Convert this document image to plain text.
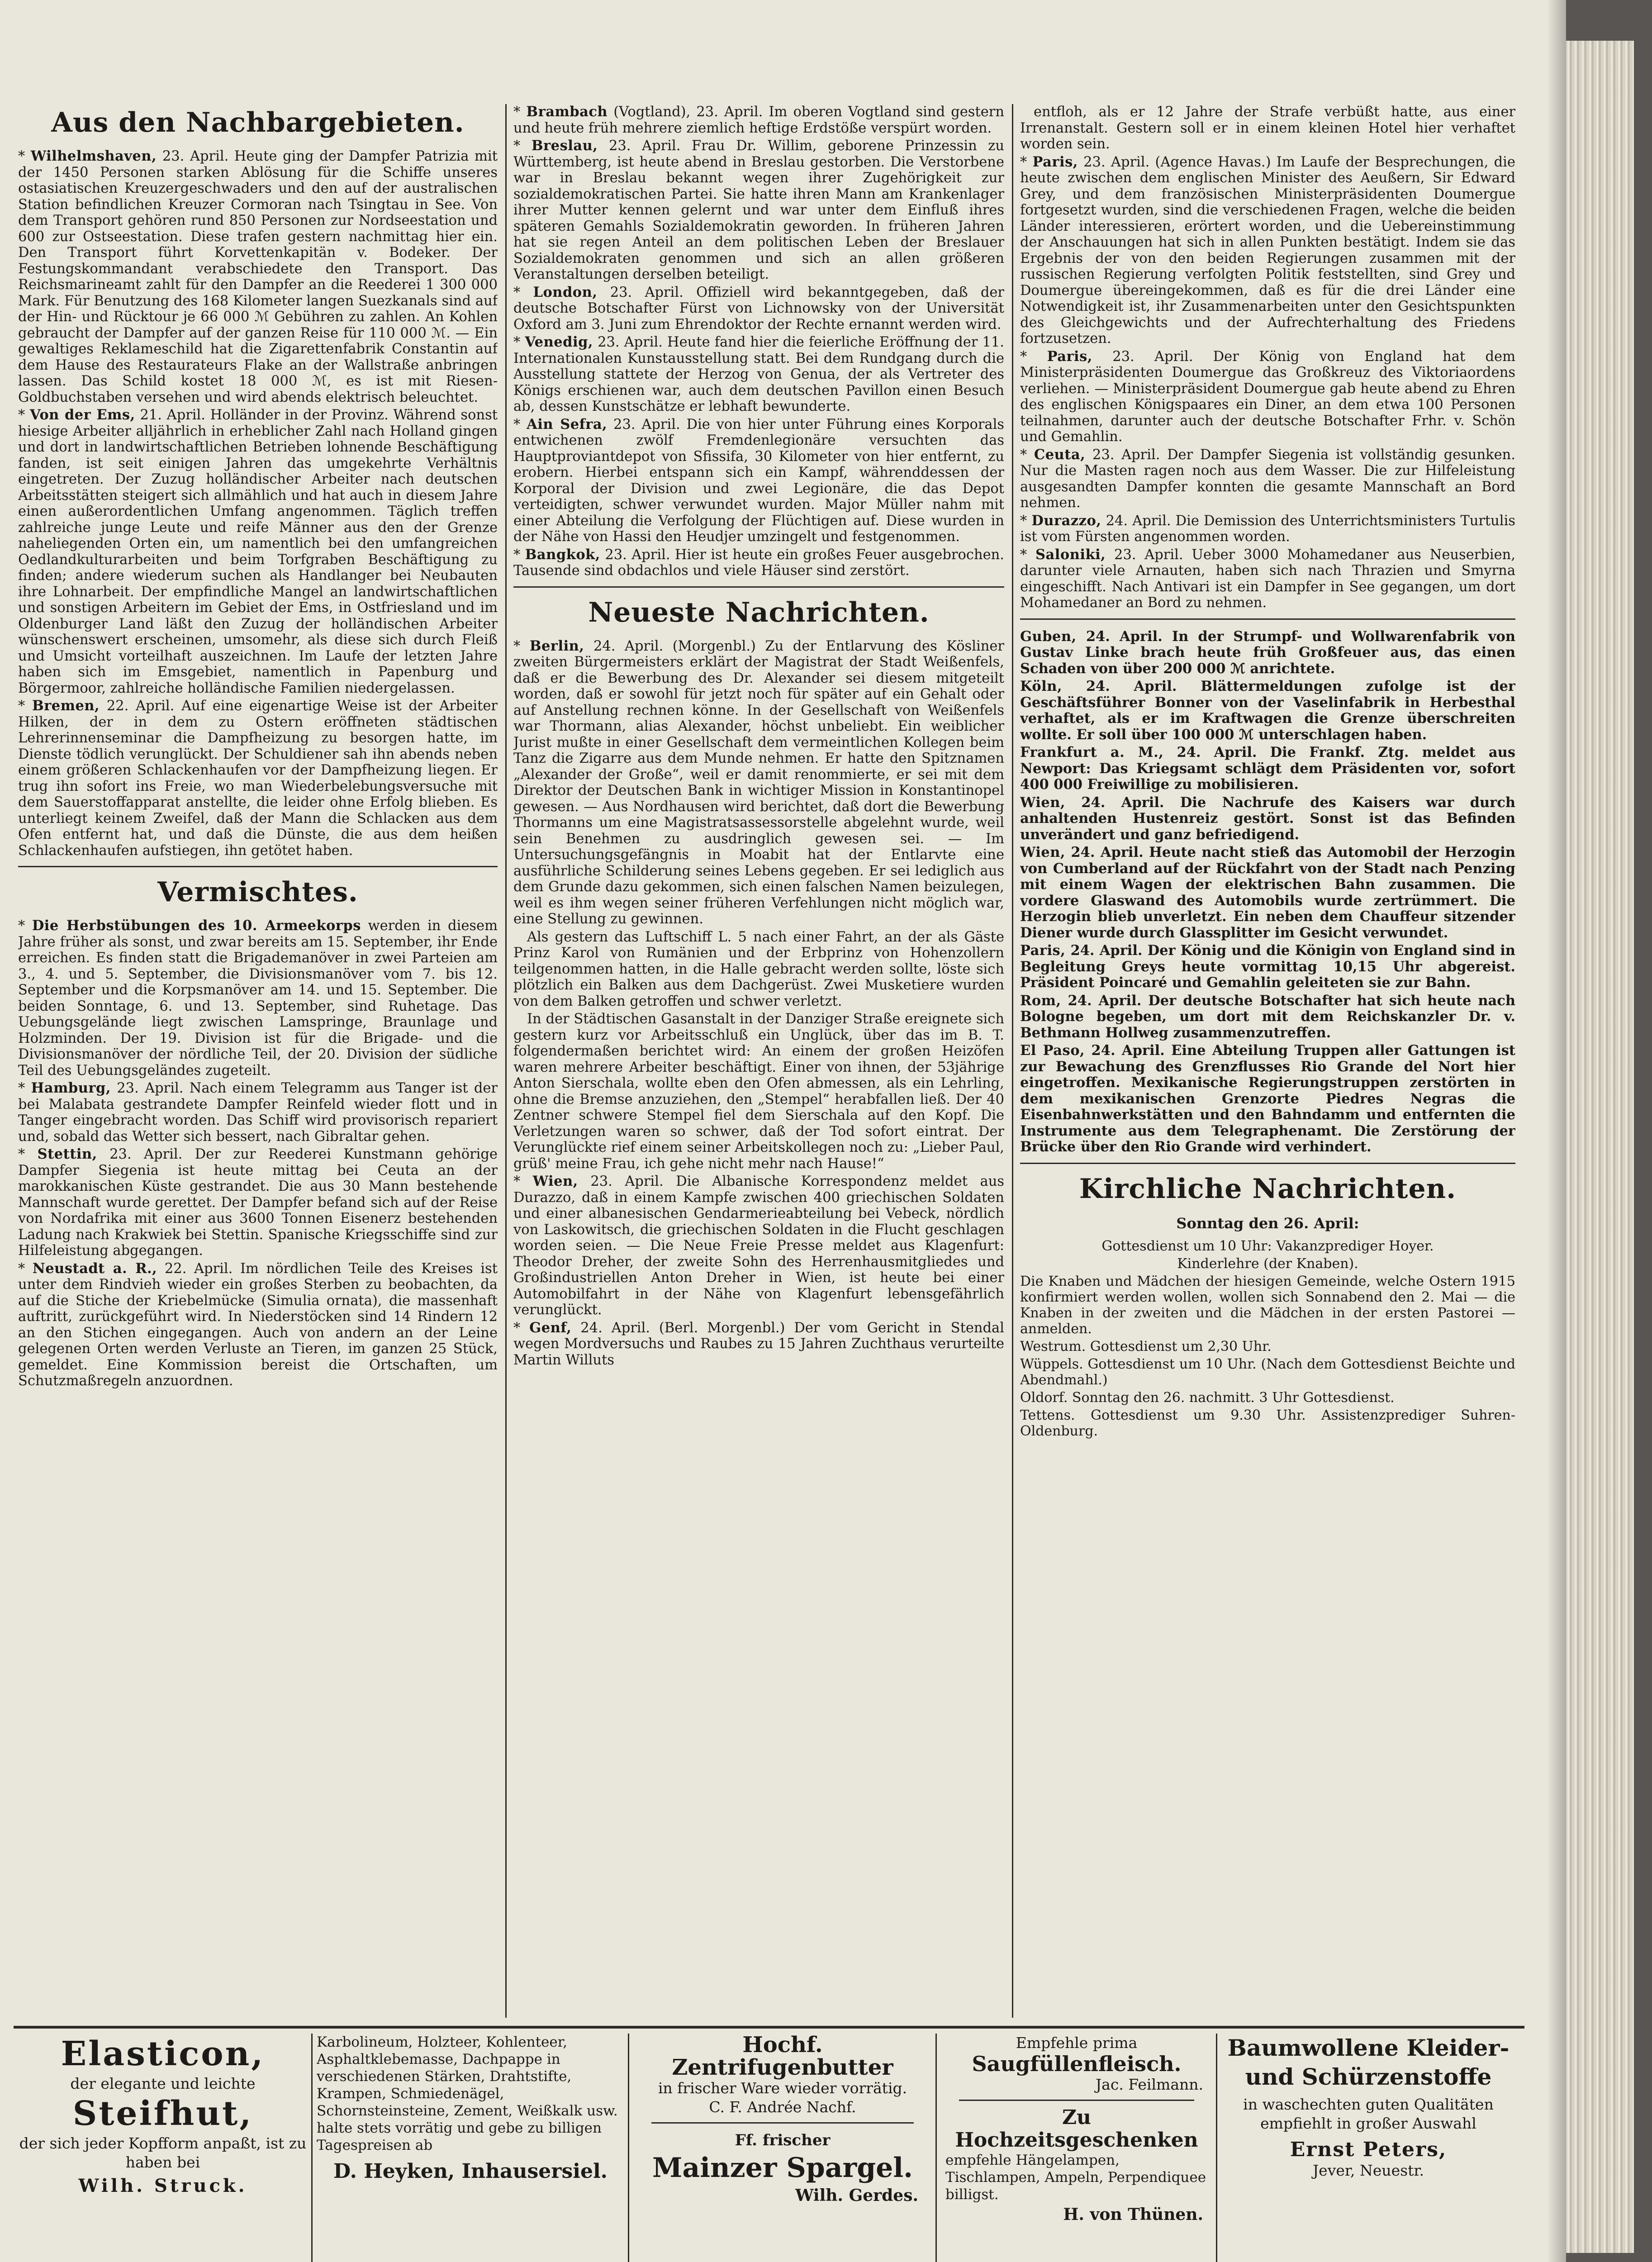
Aus den Nachbargebieten.

* Wilhelmshaven, 23. April. Heute ging der Dampfer Patrizia mit der 1450 Personen starken Ablösung für die Schiffe unseres ostasiatischen Kreuzergeschwaders und den auf der australischen Station befindlichen Kreuzer Cormoran nach Tsingtau in See. Von dem Transport gehören rund 850 Personen zur Nordseestation und 600 zur Ostseestation. Diese trafen gestern nachmittag hier ein. Den Transport führt Korvettenkapitän v. Bodeker. Der Festungskommandant verabschiedete den Transport. Das Reichsmarineamt zahlt für den Dampfer an die Reederei 1 300 000 Mark. Für Benutzung des 168 Kilometer langen Suezkanals sind auf der Hin- und Rücktour je 66 000 ℳ Gebühren zu zahlen. An Kohlen gebraucht der Dampfer auf der ganzen Reise für 110 000 ℳ. — Ein gewaltiges Reklameschild hat die Zigarettenfabrik Constantin auf dem Hause des Restaurateurs Flake an der Wallstraße anbringen lassen. Das Schild kostet 18 000 ℳ, es ist mit Riesen-Goldbuchstaben versehen und wird abends elektrisch beleuchtet.

* Von der Ems, 21. April. Holländer in der Provinz. Während sonst hiesige Arbeiter alljährlich in erheblicher Zahl nach Holland gingen und dort in landwirtschaftlichen Betrieben lohnende Beschäftigung fanden, ist seit einigen Jahren das umgekehrte Verhältnis eingetreten. Der Zuzug holländischer Arbeiter nach deutschen Arbeitsstätten steigert sich allmählich und hat auch in diesem Jahre einen außerordentlichen Umfang angenommen. Täglich treffen zahlreiche junge Leute und reife Männer aus den der Grenze naheliegenden Orten ein, um namentlich bei den umfangreichen Oedlandkulturarbeiten und beim Torfgraben Beschäftigung zu finden; andere wiederum suchen als Handlanger bei Neubauten ihre Lohnarbeit. Der empfindliche Mangel an landwirtschaftlichen und sonstigen Arbeitern im Gebiet der Ems, in Ostfriesland und im Oldenburger Land läßt den Zuzug der holländischen Arbeiter wünschenswert erscheinen, umsomehr, als diese sich durch Fleiß und Umsicht vorteilhaft auszeichnen. Im Laufe der letzten Jahre haben sich im Emsgebiet, namentlich in Papenburg und Börgermoor, zahlreiche holländische Familien niedergelassen.

* Bremen, 22. April. Auf eine eigenartige Weise ist der Arbeiter Hilken, der in dem zu Ostern eröffneten städtischen Lehrerinnenseminar die Dampfheizung zu besorgen hatte, im Dienste tödlich verunglückt. Der Schuldiener sah ihn abends neben einem größeren Schlackenhaufen vor der Dampfheizung liegen. Er trug ihn sofort ins Freie, wo man Wiederbelebungsversuche mit dem Sauerstoffapparat anstellte, die leider ohne Erfolg blieben. Es unterliegt keinem Zweifel, daß der Mann die Schlacken aus dem Ofen entfernt hat, und daß die Dünste, die aus dem heißen Schlackenhaufen aufstiegen, ihn getötet haben.

Vermischtes.

* Die Herbstübungen des 10. Armeekorps werden in diesem Jahre früher als sonst, und zwar bereits am 15. September, ihr Ende erreichen. Es finden statt die Brigademanöver in zwei Parteien am 3., 4. und 5. September, die Divisionsmanöver vom 7. bis 12. September und die Korpsmanöver am 14. und 15. September. Die beiden Sonntage, 6. und 13. September, sind Ruhetage. Das Uebungsgelände liegt zwischen Lamspringe, Braunlage und Holzminden. Der 19. Division ist für die Brigade- und die Divisionsmanöver der nördliche Teil, der 20. Division der südliche Teil des Uebungsgeländes zugeteilt.

* Hamburg, 23. April. Nach einem Telegramm aus Tanger ist der bei Malabata gestrandete Dampfer Reinfeld wieder flott und in Tanger eingebracht worden. Das Schiff wird provisorisch repariert und, sobald das Wetter sich bessert, nach Gibraltar gehen.

* Stettin, 23. April. Der zur Reederei Kunstmann gehörige Dampfer Siegenia ist heute mittag bei Ceuta an der marokkanischen Küste gestrandet. Die aus 30 Mann bestehende Mannschaft wurde gerettet. Der Dampfer befand sich auf der Reise von Nordafrika mit einer aus 3600 Tonnen Eisenerz bestehenden Ladung nach Krakwiek bei Stettin. Spanische Kriegsschiffe sind zur Hilfeleistung abgegangen.

* Neustadt a. R., 22. April. Im nördlichen Teile des Kreises ist unter dem Rindvieh wieder ein großes Sterben zu beobachten, da auf die Stiche der Kriebelmücke (Simulia ornata), die massenhaft auftritt, zurückgeführt wird. In Niederstöcken sind 14 Rindern 12 an den Stichen eingegangen. Auch von andern an der Leine gelegenen Orten werden Verluste an Tieren, im ganzen 25 Stück, gemeldet. Eine Kommission bereist die Ortschaften, um Schutzmaßregeln anzuordnen.

* Brambach (Vogtland), 23. April. Im oberen Vogtland sind gestern und heute früh mehrere ziemlich heftige Erdstöße verspürt worden.

* Breslau, 23. April. Frau Dr. Willim, geborene Prinzessin zu Württemberg, ist heute abend in Breslau gestorben. Die Verstorbene war in Breslau bekannt wegen ihrer Zugehörigkeit zur sozialdemokratischen Partei. Sie hatte ihren Mann am Krankenlager ihrer Mutter kennen gelernt und war unter dem Einfluß ihres späteren Gemahls Sozialdemokratin geworden. In früheren Jahren hat sie regen Anteil an dem politischen Leben der Breslauer Sozialdemokraten genommen und sich an allen größeren Veranstaltungen derselben beteiligt.

* London, 23. April. Offiziell wird bekanntgegeben, daß der deutsche Botschafter Fürst von Lichnowsky von der Universität Oxford am 3. Juni zum Ehrendoktor der Rechte ernannt werden wird.

* Venedig, 23. April. Heute fand hier die feierliche Eröffnung der 11. Internationalen Kunstausstellung statt. Bei dem Rundgang durch die Ausstellung stattete der Herzog von Genua, der als Vertreter des Königs erschienen war, auch dem deutschen Pavillon einen Besuch ab, dessen Kunstschätze er lebhaft bewunderte.

* Ain Sefra, 23. April. Die von hier unter Führung eines Korporals entwichenen zwölf Fremdenlegionäre versuchten das Hauptproviantdepot von Sfissifa, 30 Kilometer von hier entfernt, zu erobern. Hierbei entspann sich ein Kampf, währenddessen der Korporal der Division und zwei Legionäre, die das Depot verteidigten, schwer verwundet wurden. Major Müller nahm mit einer Abteilung die Verfolgung der Flüchtigen auf. Diese wurden in der Nähe von Hassi den Heudjer umzingelt und festgenommen.

* Bangkok, 23. April. Hier ist heute ein großes Feuer ausgebrochen. Tausende sind obdachlos und viele Häuser sind zerstört.

Neueste Nachrichten.

* Berlin, 24. April. (Morgenbl.) Zu der Entlarvung des Kösliner zweiten Bürgermeisters erklärt der Magistrat der Stadt Weißenfels, daß er die Bewerbung des Dr. Alexander sei diesem mitgeteilt worden, daß er sowohl für jetzt noch für später auf ein Gehalt oder auf Anstellung rechnen könne. In der Gesellschaft von Weißenfels war Thormann, alias Alexander, höchst unbeliebt. Ein weiblicher Jurist mußte in einer Gesellschaft dem vermeintlichen Kollegen beim Tanz die Zigarre aus dem Munde nehmen. Er hatte den Spitznamen „Alexander der Große“, weil er damit renommierte, er sei mit dem Direktor der Deutschen Bank in wichtiger Mission in Konstantinopel gewesen. — Aus Nordhausen wird berichtet, daß dort die Bewerbung Thormanns um eine Magistratsassessorstelle abgelehnt wurde, weil sein Benehmen zu ausdringlich gewesen sei. — Im Untersuchungsgefängnis in Moabit hat der Entlarvte eine ausführliche Schilderung seines Lebens gegeben. Er sei lediglich aus dem Grunde dazu gekommen, sich einen falschen Namen beizulegen, weil es ihm wegen seiner früheren Verfehlungen nicht möglich war, eine Stellung zu gewinnen.

Als gestern das Luftschiff L. 5 nach einer Fahrt, an der als Gäste Prinz Karol von Rumänien und der Erbprinz von Hohenzollern teilgenommen hatten, in die Halle gebracht werden sollte, löste sich plötzlich ein Balken aus dem Dachgerüst. Zwei Musketiere wurden von dem Balken getroffen und schwer verletzt.

In der Städtischen Gasanstalt in der Danziger Straße ereignete sich gestern kurz vor Arbeitsschluß ein Unglück, über das im B. T. folgendermaßen berichtet wird: An einem der großen Heizöfen waren mehrere Arbeiter beschäftigt. Einer von ihnen, der 53jährige Anton Sierschala, wollte eben den Ofen abmessen, als ein Lehrling, ohne die Bremse anzuziehen, den „Stempel“ herabfallen ließ. Der 40 Zentner schwere Stempel fiel dem Sierschala auf den Kopf. Die Verletzungen waren so schwer, daß der Tod sofort eintrat. Der Verunglückte rief einem seiner Arbeitskollegen noch zu: „Lieber Paul, grüß' meine Frau, ich gehe nicht mehr nach Hause!“

* Wien, 23. April. Die Albanische Korrespondenz meldet aus Durazzo, daß in einem Kampfe zwischen 400 griechischen Soldaten und einer albanesischen Gendarmerieabteilung bei Vebeck, nördlich von Laskowitsch, die griechischen Soldaten in die Flucht geschlagen worden seien. — Die Neue Freie Presse meldet aus Klagenfurt: Theodor Dreher, der zweite Sohn des Herrenhausmitgliedes und Großindustriellen Anton Dreher in Wien, ist heute bei einer Automobilfahrt in der Nähe von Klagenfurt lebensgefährlich verunglückt.

* Genf, 24. April. (Berl. Morgenbl.) Der vom Gericht in Stendal wegen Mordversuchs und Raubes zu 15 Jahren Zuchthaus verurteilte Martin Willuts

entfloh, als er 12 Jahre der Strafe verbüßt hatte, aus einer Irrenanstalt. Gestern soll er in einem kleinen Hotel hier verhaftet worden sein.

* Paris, 23. April. (Agence Havas.) Im Laufe der Besprechungen, die heute zwischen dem englischen Minister des Aeußern, Sir Edward Grey, und dem französischen Ministerpräsidenten Doumergue fortgesetzt wurden, sind die verschiedenen Fragen, welche die beiden Länder interessieren, erörtert worden, und die Uebereinstimmung der Anschauungen hat sich in allen Punkten bestätigt. Indem sie das Ergebnis der von den beiden Regierungen zusammen mit der russischen Regierung verfolgten Politik feststellten, sind Grey und Doumergue übereingekommen, daß es für die drei Länder eine Notwendigkeit ist, ihr Zusammenarbeiten unter den Gesichtspunkten des Gleichgewichts und der Aufrechterhaltung des Friedens fortzusetzen.

* Paris, 23. April. Der König von England hat dem Ministerpräsidenten Doumergue das Großkreuz des Viktoriaordens verliehen. — Ministerpräsident Doumergue gab heute abend zu Ehren des englischen Königspaares ein Diner, an dem etwa 100 Personen teilnahmen, darunter auch der deutsche Botschafter Frhr. v. Schön und Gemahlin.

* Ceuta, 23. April. Der Dampfer Siegenia ist vollständig gesunken. Nur die Masten ragen noch aus dem Wasser. Die zur Hilfeleistung ausgesandten Dampfer konnten die gesamte Mannschaft an Bord nehmen.

* Durazzo, 24. April. Die Demission des Unterrichtsministers Turtulis ist vom Fürsten angenommen worden.

* Saloniki, 23. April. Ueber 3000 Mohamedaner aus Neuserbien, darunter viele Arnauten, haben sich nach Thrazien und Smyrna eingeschifft. Nach Antivari ist ein Dampfer in See gegangen, um dort Mohamedaner an Bord zu nehmen.

Guben, 24. April. In der Strumpf- und Wollwarenfabrik von Gustav Linke brach heute früh Großfeuer aus, das einen Schaden von über 200 000 ℳ anrichtete.

Köln, 24. April. Blättermeldungen zufolge ist der Geschäftsführer Bonner von der Vaselinfabrik in Herbesthal verhaftet, als er im Kraftwagen die Grenze überschreiten wollte. Er soll über 100 000 ℳ unterschlagen haben.

Frankfurt a. M., 24. April. Die Frankf. Ztg. meldet aus Newport: Das Kriegsamt schlägt dem Präsidenten vor, sofort 400 000 Freiwillige zu mobilisieren.

Wien, 24. April. Die Nachrufe des Kaisers war durch anhaltenden Hustenreiz gestört. Sonst ist das Befinden unverändert und ganz befriedigend.

Wien, 24. April. Heute nacht stieß das Automobil der Herzogin von Cumberland auf der Rückfahrt von der Stadt nach Penzing mit einem Wagen der elektrischen Bahn zusammen. Die vordere Glaswand des Automobils wurde zertrümmert. Die Herzogin blieb unverletzt. Ein neben dem Chauffeur sitzender Diener wurde durch Glassplitter im Gesicht verwundet.

Paris, 24. April. Der König und die Königin von England sind in Begleitung Greys heute vormittag 10,15 Uhr abgereist. Präsident Poincaré und Gemahlin geleiteten sie zur Bahn.

Rom, 24. April. Der deutsche Botschafter hat sich heute nach Bologne begeben, um dort mit dem Reichskanzler Dr. v. Bethmann Hollweg zusammenzutreffen.

El Paso, 24. April. Eine Abteilung Truppen aller Gattungen ist zur Bewachung des Grenzflusses Rio Grande del Nort hier eingetroffen. Mexikanische Regierungstruppen zerstörten in dem mexikanischen Grenzorte Piedres Negras die Eisenbahnwerkstätten und den Bahndamm und entfernten die Instrumente aus dem Telegraphenamt. Die Zerstörung der Brücke über den Rio Grande wird verhindert.

Kirchliche Nachrichten.
Sonntag den 26. April:

Gottesdienst um 10 Uhr: Vakanzprediger Hoyer.

Kinderlehre (der Knaben).

Die Knaben und Mädchen der hiesigen Gemeinde, welche Ostern 1915 konfirmiert werden wollen, wollen sich Sonnabend den 2. Mai — die Knaben in der zweiten und die Mädchen in der ersten Pastorei — anmelden.

Westrum. Gottesdienst um 2,30 Uhr.

Wüppels. Gottesdienst um 10 Uhr. (Nach dem Gottesdienst Beichte und Abendmahl.)

Oldorf. Sonntag den 26. nachmitt. 3 Uhr Gottesdienst.

Tettens. Gottesdienst um 9.30 Uhr. Assistenzprediger Suhren-Oldenburg.

Elasticon,
der elegante und leichte
Steifhut,
der sich jeder Kopfform anpaßt, ist zu haben bei
Wilh. Struck.
Karbolineum, Holzteer, Kohlenteer, Asphaltklebemasse, Dachpappe in verschiedenen Stärken, Drahtstifte, Krampen, Schmiedenägel, Schornsteinsteine, Zement, Weißkalk usw. halte stets vorrätig und gebe zu billigen Tagespreisen ab
D. Heyken, Inhausersiel.
Hochf. Zentrifugenbutter
in frischer Ware wieder vorrätig.
C. F. Andrée Nachf.
Ff. frischer
Mainzer Spargel.
Wilh. Gerdes.
Empfehle prima
Saugfüllenfleisch.
Jac. Feilmann.
Zu Hochzeitsgeschenken
empfehle Hängelampen, Tischlampen, Ampeln, Perpendiquee billigst.
H. von Thünen.
Baumwollene Kleider- und Schürzenstoffe
in waschechten guten Qualitäten empfiehlt in großer Auswahl
Ernst Peters,
Jever, Neuestr.
